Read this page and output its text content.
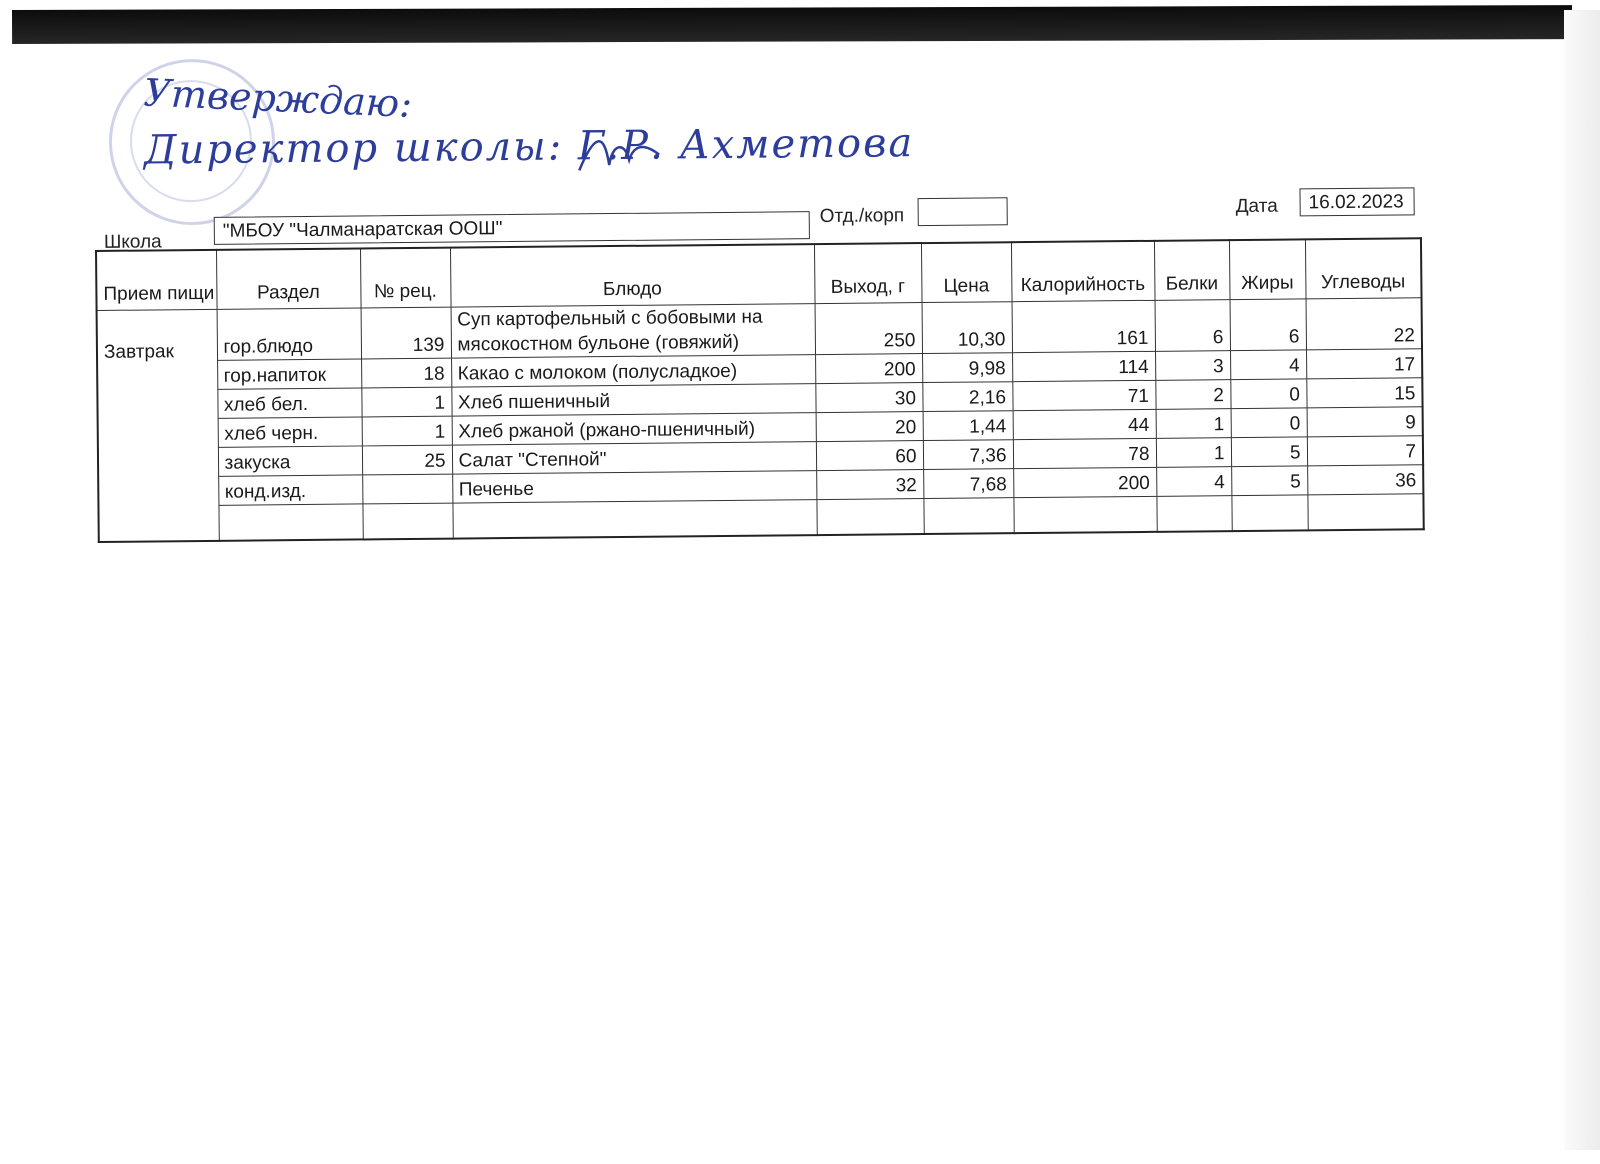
Утверждаю:
Директор школы: Г.Р. Ахметова
Школа
"МБОУ "Чалманаратская ООШ"
Отд./корп	Дата	16.02.2023
Прием пищи	Раздел	№ рец.	Блюдо	Выход, г	Цена	Калорийность	Белки	Жиры	Углеводы
Завтрак	гор.блюдо	139	Суп картофельный с бобовыми на мясокостном бульоне (говяжий)	250	10,30	161	6	6	22
	гор.напиток	18	Какао с молоком (полусладкое)	200	9,98	114	3	4	17
	хлеб бел.	1	Хлеб пшеничный	30	2,16	71	2	0	15
	хлеб черн.	1	Хлеб ржаной (ржано-пшеничный)	20	1,44	44	1	0	9
	закуска	25	Салат "Степной"	60	7,36	78	1	5	7
	конд.изд.		Печенье	32	7,68	200	4	5	36
